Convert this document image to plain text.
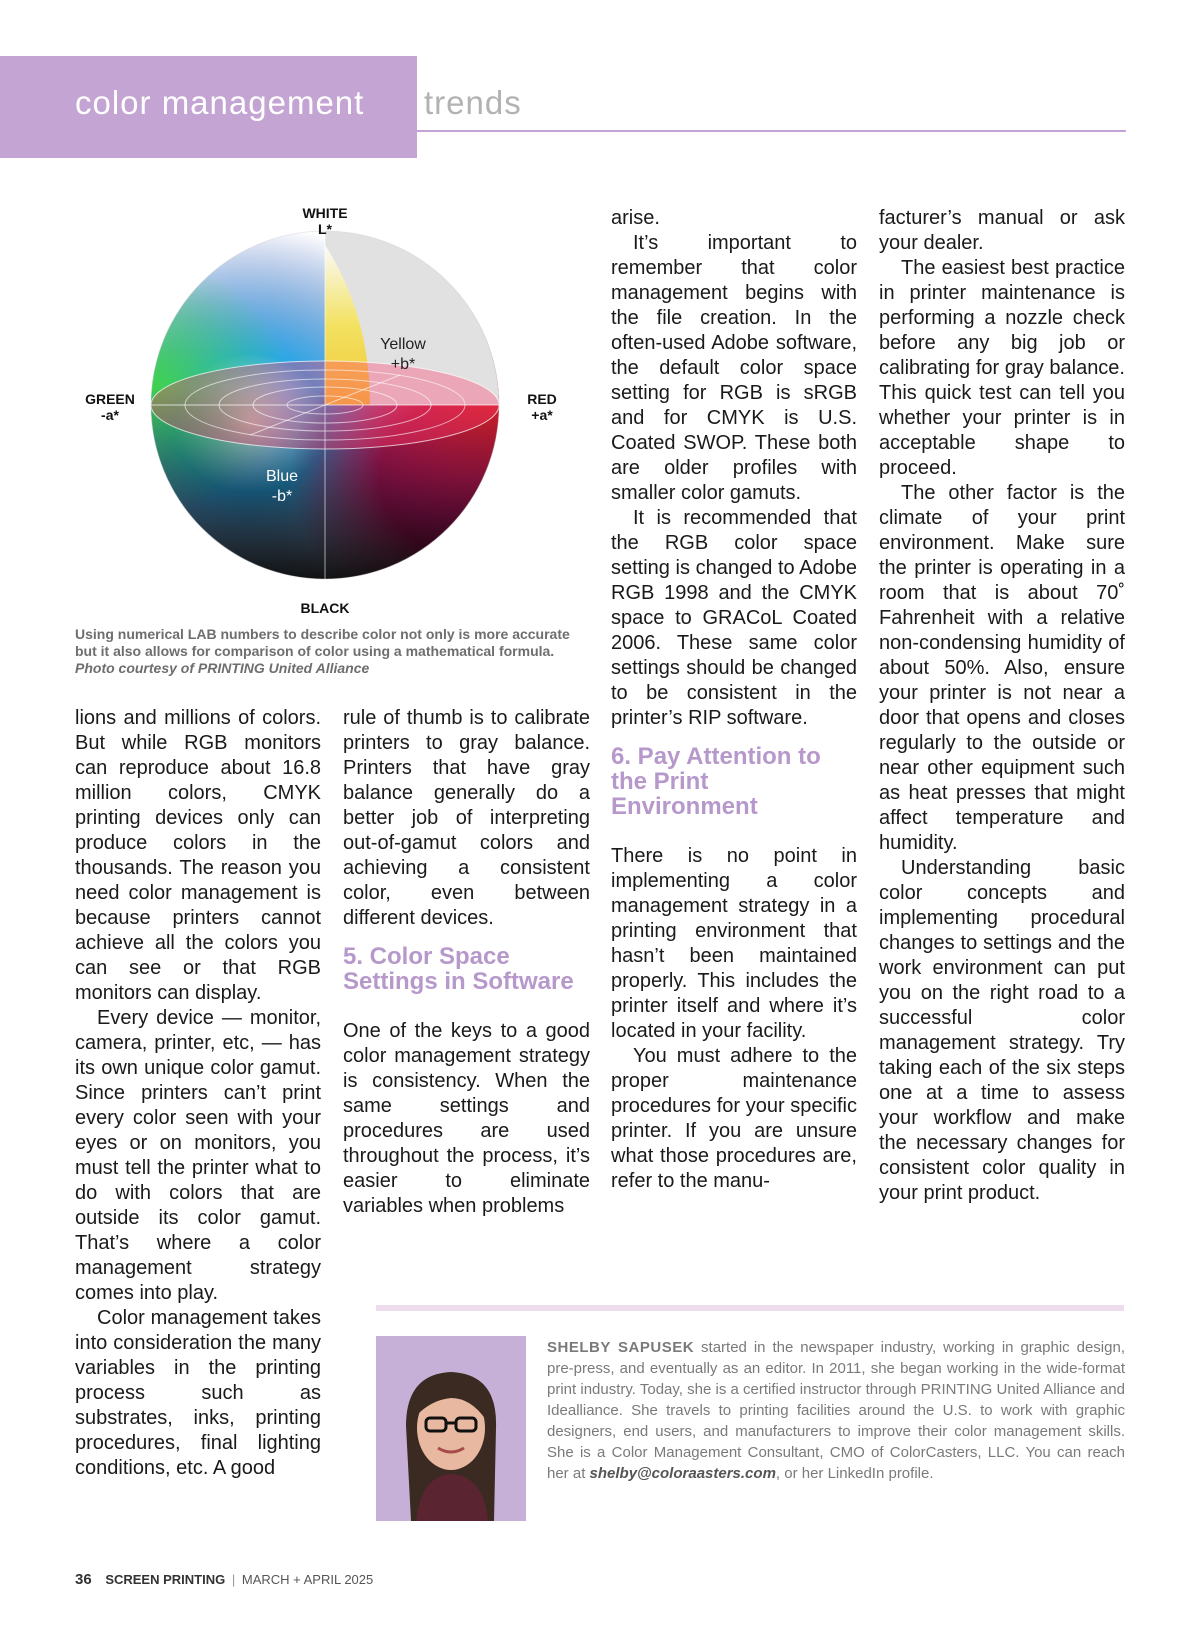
color management trends
WHITE
L*
GREEN
-a*
RED
+a*
BLACK
Yellow
+b*
Blue
-b*
Using numerical LAB numbers to describe color not only is more accurate but it also allows for comparison of color using a mathematical formula. Photo courtesy of PRINTING United Alliance

lions and millions of colors. But while RGB monitors can reproduce about 16.8 million colors, CMYK printing devices only can produce colors in the thousands. The reason you need color management is because printers cannot achieve all the colors you can see or that RGB monitors can display.

Every device — monitor, camera, printer, etc, — has its own unique color gamut. Since printers can’t print every color seen with your eyes or on monitors, you must tell the printer what to do with colors that are outside its color gamut. That’s where a color management strategy comes into play.

Color management takes into consideration the many variables in the printing process such as substrates, inks, printing procedures, final lighting conditions, etc. A good

rule of thumb is to calibrate printers to gray balance. Printers that have gray balance generally do a better job of interpreting out-of-gamut colors and achieving a consistent color, even between different devices.

5. Color Space Settings in Software

One of the keys to a good color management strategy is consistency. When the same settings and procedures are used throughout the process, it’s easier to eliminate variables when problems

arise.

It’s important to remember that color management begins with the file creation. In the often-used Adobe software, the default color space setting for RGB is sRGB and for CMYK is U.S. Coated SWOP. These both are older profiles with smaller color gamuts.

It is recommended that the RGB color space setting is changed to Adobe RGB 1998 and the CMYK space to GRACoL Coated 2006. These same color settings should be changed to be consistent in the printer’s RIP software.

6. Pay Attention to the Print Environment

There is no point in implementing a color management strategy in a printing environment that hasn’t been maintained properly. This includes the printer itself and where it’s located in your facility.

You must adhere to the proper maintenance procedures for your specific printer. If you are unsure what those procedures are, refer to the manu-

facturer’s manual or ask your dealer.

The easiest best practice in printer maintenance is performing a nozzle check before any big job or calibrating for gray balance. This quick test can tell you whether your printer is in acceptable shape to proceed.

The other factor is the climate of your print environment. Make sure the printer is operating in a room that is about 70˚ Fahrenheit with a relative non-condensing humidity of about 50%. Also, ensure your printer is not near a door that opens and closes regularly to the outside or near other equipment such as heat presses that might affect temperature and humidity.

Understanding basic color concepts and implementing procedural changes to settings and the work environment can put you on the right road to a successful color management strategy. Try taking each of the six steps one at a time to assess your workflow and make the necessary changes for consistent color quality in your print product.

SHELBY SAPUSEK started in the newspaper industry, working in graphic design, pre-press, and eventually as an editor. In 2011, she began working in the wide-format print industry. Today, she is a certified instructor through PRINTING United Alliance and Idealliance. She travels to printing facilities around the U.S. to work with graphic designers, end users, and manufacturers to improve their color management skills. She is a Color Management Consultant, CMO of ColorCasters, LLC. You can reach her at shelby@coloraasters.com, or her LinkedIn profile.
36 SCREEN PRINTING | MARCH + APRIL 2025
